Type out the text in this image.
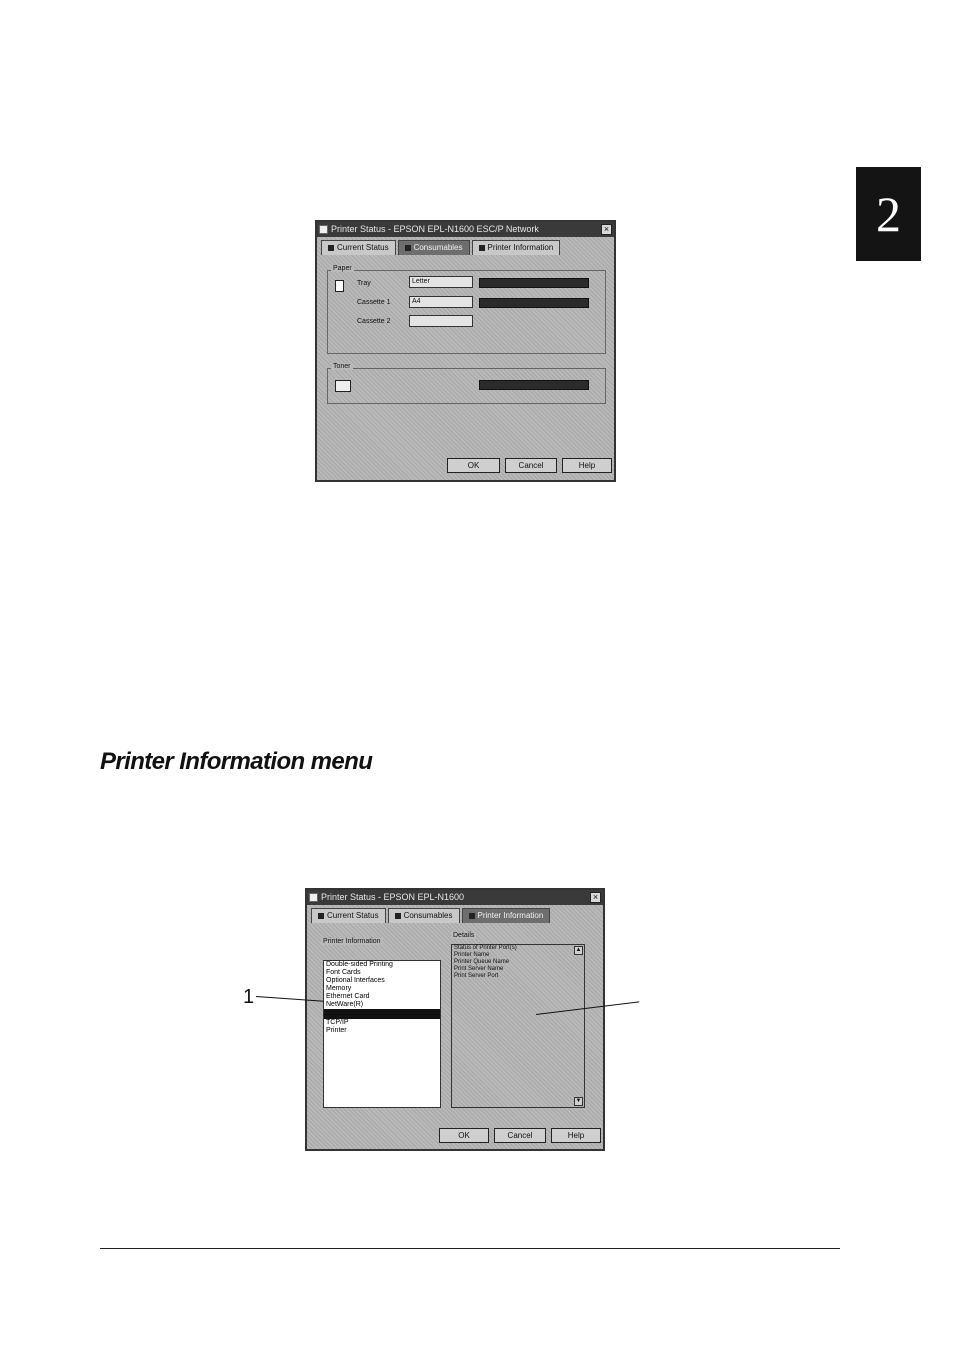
2
Printer Status - EPSON EPL-N1600 ESC/P Network	×
Current Status	Consumables	Printer Information
Paper
Tray	Letter
Cassette 1	A4
Cassette 2
Toner
OK	Cancel	Help
Printer Information menu
Printer Status - EPSON EPL-N1600	×
Current Status	Consumables	Printer Information
Printer Information
Double-sided Printing
Font Cards
Optional Interfaces
Memory
Ethernet Card
NetWare(R)
TCP/IP
Printer
Details
Status of Printer Port(s)
Printer Name
Printer Queue Name
Print Server Name
Print Server Port
▲
▼
OK	Cancel	Help
1
